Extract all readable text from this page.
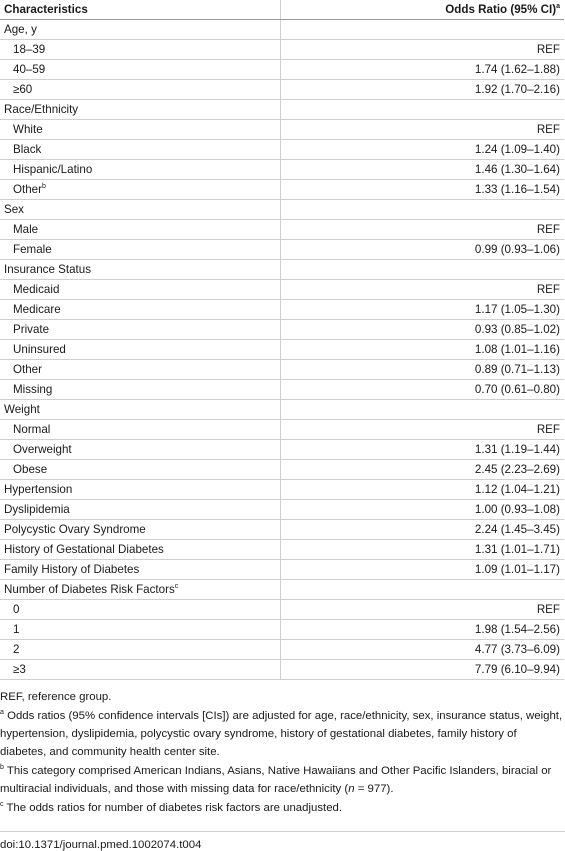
Characteristics	Odds Ratio (95% CI)$^a$
Age, y	
18–39	REF
40–59	1.74 (1.62–1.88)
≥60	1.92 (1.70–2.16)
Race/Ethnicity	
White	REF
Black	1.24 (1.09–1.40)
Hispanic/Latino	1.46 (1.30–1.64)
Other$^b$	1.33 (1.16–1.54)
Sex	
Male	REF
Female	0.99 (0.93–1.06)
Insurance Status	
Medicaid	REF
Medicare	1.17 (1.05–1.30)
Private	0.93 (0.85–1.02)
Uninsured	1.08 (1.01–1.16)
Other	0.89 (0.71–1.13)
Missing	0.70 (0.61–0.80)
Weight	
Normal	REF
Overweight	1.31 (1.19–1.44)
Obese	2.45 (2.23–2.69)
Hypertension	1.12 (1.04–1.21)
Dyslipidemia	1.00 (0.93–1.08)
Polycystic Ovary Syndrome	2.24 (1.45–3.45)
History of Gestational Diabetes	1.31 (1.01–1.71)
Family History of Diabetes	1.09 (1.01–1.17)
Number of Diabetes Risk Factors$^c$	
0	REF
1	1.98 (1.54–2.56)
2	4.77 (3.73–6.09)
≥3	7.79 (6.10–9.94)
REF, reference group.
$^a$ Odds ratios (95% confidence intervals [CIs]) are adjusted for age, race/ethnicity, sex, insurance status, weight, hypertension, dyslipidemia, polycystic ovary syndrome, history of gestational diabetes, family history of diabetes, and community health center site.
$^b$ This category comprised American Indians, Asians, Native Hawaiians and Other Pacific Islanders, biracial or multiracial individuals, and those with missing data for race/ethnicity (n = 977).
$^c$ The odds ratios for number of diabetes risk factors are unadjusted.
doi:10.1371/journal.pmed.1002074.t004
